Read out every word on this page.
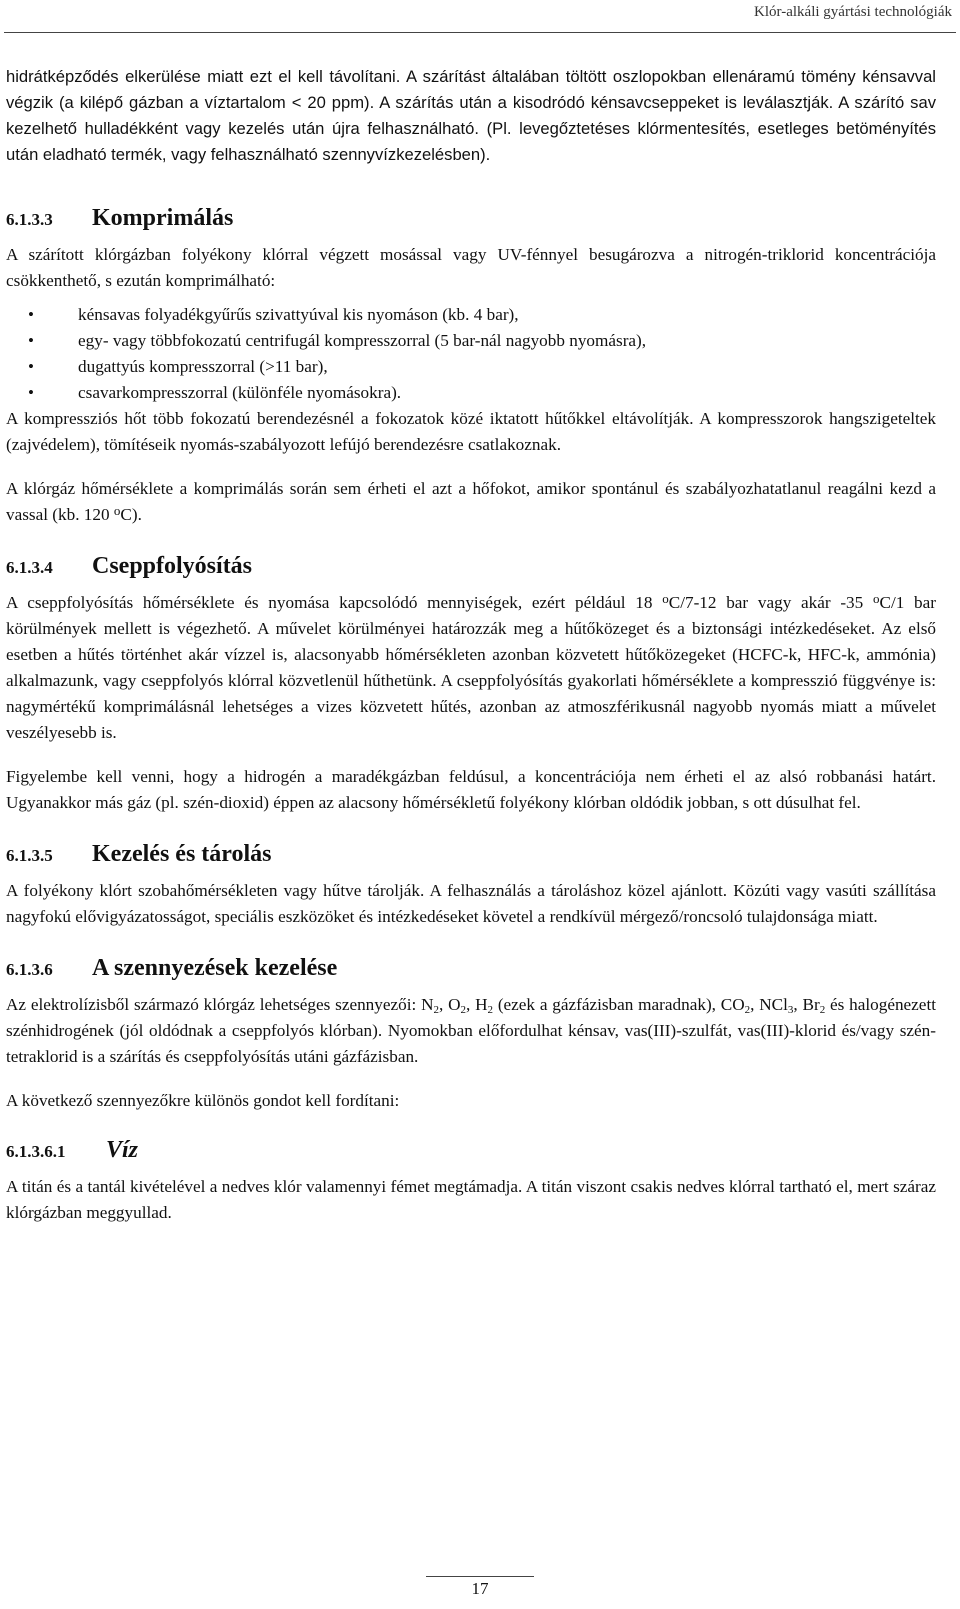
Klór-alkáli gyártási technológiák

hidrátképződés elkerülése miatt ezt el kell távolítani. A szárítást általában töltött oszlopokban ellenáramú tömény kénsavval végzik (a kilépő gázban a víztartalom < 20 ppm). A szárítás után a kisodródó kénsavcseppeket is leválasztják. A szárító sav kezelhető hulladékként vagy kezelés után újra felhasználható. (Pl. levegőztetéses klórmentesítés, esetleges betöményítés után eladható termék, vagy felhasználható szennyvízkezelésben).

6.1.3.3 Komprimálás

A szárított klórgázban folyékony klórral végzett mosással vagy UV-fénnyel besugározva a nitrogén-triklorid koncentrációja csökkenthető, s ezután komprimálható:

• kénsavas folyadékgyűrűs szivattyúval kis nyomáson (kb. 4 bar),
• egy- vagy többfokozatú centrifugál kompresszorral (5 bar-nál nagyobb nyomásra),
• dugattyús kompresszorral (>11 bar),
• csavarkompresszorral (különféle nyomásokra).

A kompressziós hőt több fokozatú berendezésnél a fokozatok közé iktatott hűtőkkel eltávolítják. A kompresszorok hangszigeteltek (zajvédelem), tömítéseik nyomás-szabályozott lefújó berendezésre csatlakoznak.

A klórgáz hőmérséklete a komprimálás során sem érheti el azt a hőfokot, amikor spontánul és szabályozhatatlanul reagálni kezd a vassal (kb. 120 $^o$C).

6.1.3.4 Cseppfolyósítás

A cseppfolyósítás hőmérséklete és nyomása kapcsolódó mennyiségek, ezért például 18 $^o$C/7-12 bar vagy akár -35 $^o$C/1 bar körülmények mellett is végezhető. A művelet körülményei határozzák meg a hűtőközeget és a biztonsági intézkedéseket. Az első esetben a hűtés történhet akár vízzel is, alacsonyabb hőmérsékleten azonban közvetett hűtőközegeket (HCFC-k, HFC-k, ammónia) alkalmazunk, vagy cseppfolyós klórral közvetlenül hűthetünk. A cseppfolyósítás gyakorlati hőmérséklete a kompresszió függvénye is: nagymértékű komprimálásnál lehetséges a vizes közvetett hűtés, azonban az atmoszférikusnál nagyobb nyomás miatt a művelet veszélyesebb is.

Figyelembe kell venni, hogy a hidrogén a maradékgázban feldúsul, a koncentrációja nem érheti el az alsó robbanási határt. Ugyanakkor más gáz (pl. szén-dioxid) éppen az alacsony hőmérsékletű folyékony klórban oldódik jobban, s ott dúsulhat fel.

6.1.3.5 Kezelés és tárolás

A folyékony klórt szobahőmérsékleten vagy hűtve tárolják. A felhasználás a tároláshoz közel ajánlott. Közúti vagy vasúti szállítása nagyfokú elővigyázatosságot, speciális eszközöket és intézkedéseket követel a rendkívül mérgező/roncsoló tulajdonsága miatt.

6.1.3.6 A szennyezések kezelése

Az elektrolízisből származó klórgáz lehetséges szennyezői: $N_2$, $O_2$, $H_2$ (ezek a gázfázisban maradnak), $CO_2$, NCl$_3$, $Br_2$ és halogénezett szénhidrogének (jól oldódnak a cseppfolyós klórban). Nyomokban előfordulhat kénsav, vas(III)-szulfát, vas(III)-klorid és/vagy szén-tetraklorid is a szárítás és cseppfolyósítás utáni gázfázisban.

A következő szennyezőkre különös gondot kell fordítani:

6.1.3.6.1 Víz

A titán és a tantál kivételével a nedves klór valamennyi fémet megtámadja. A titán viszont csakis nedves klórral tartható el, mert száraz klórgázban meggyullad.

17
